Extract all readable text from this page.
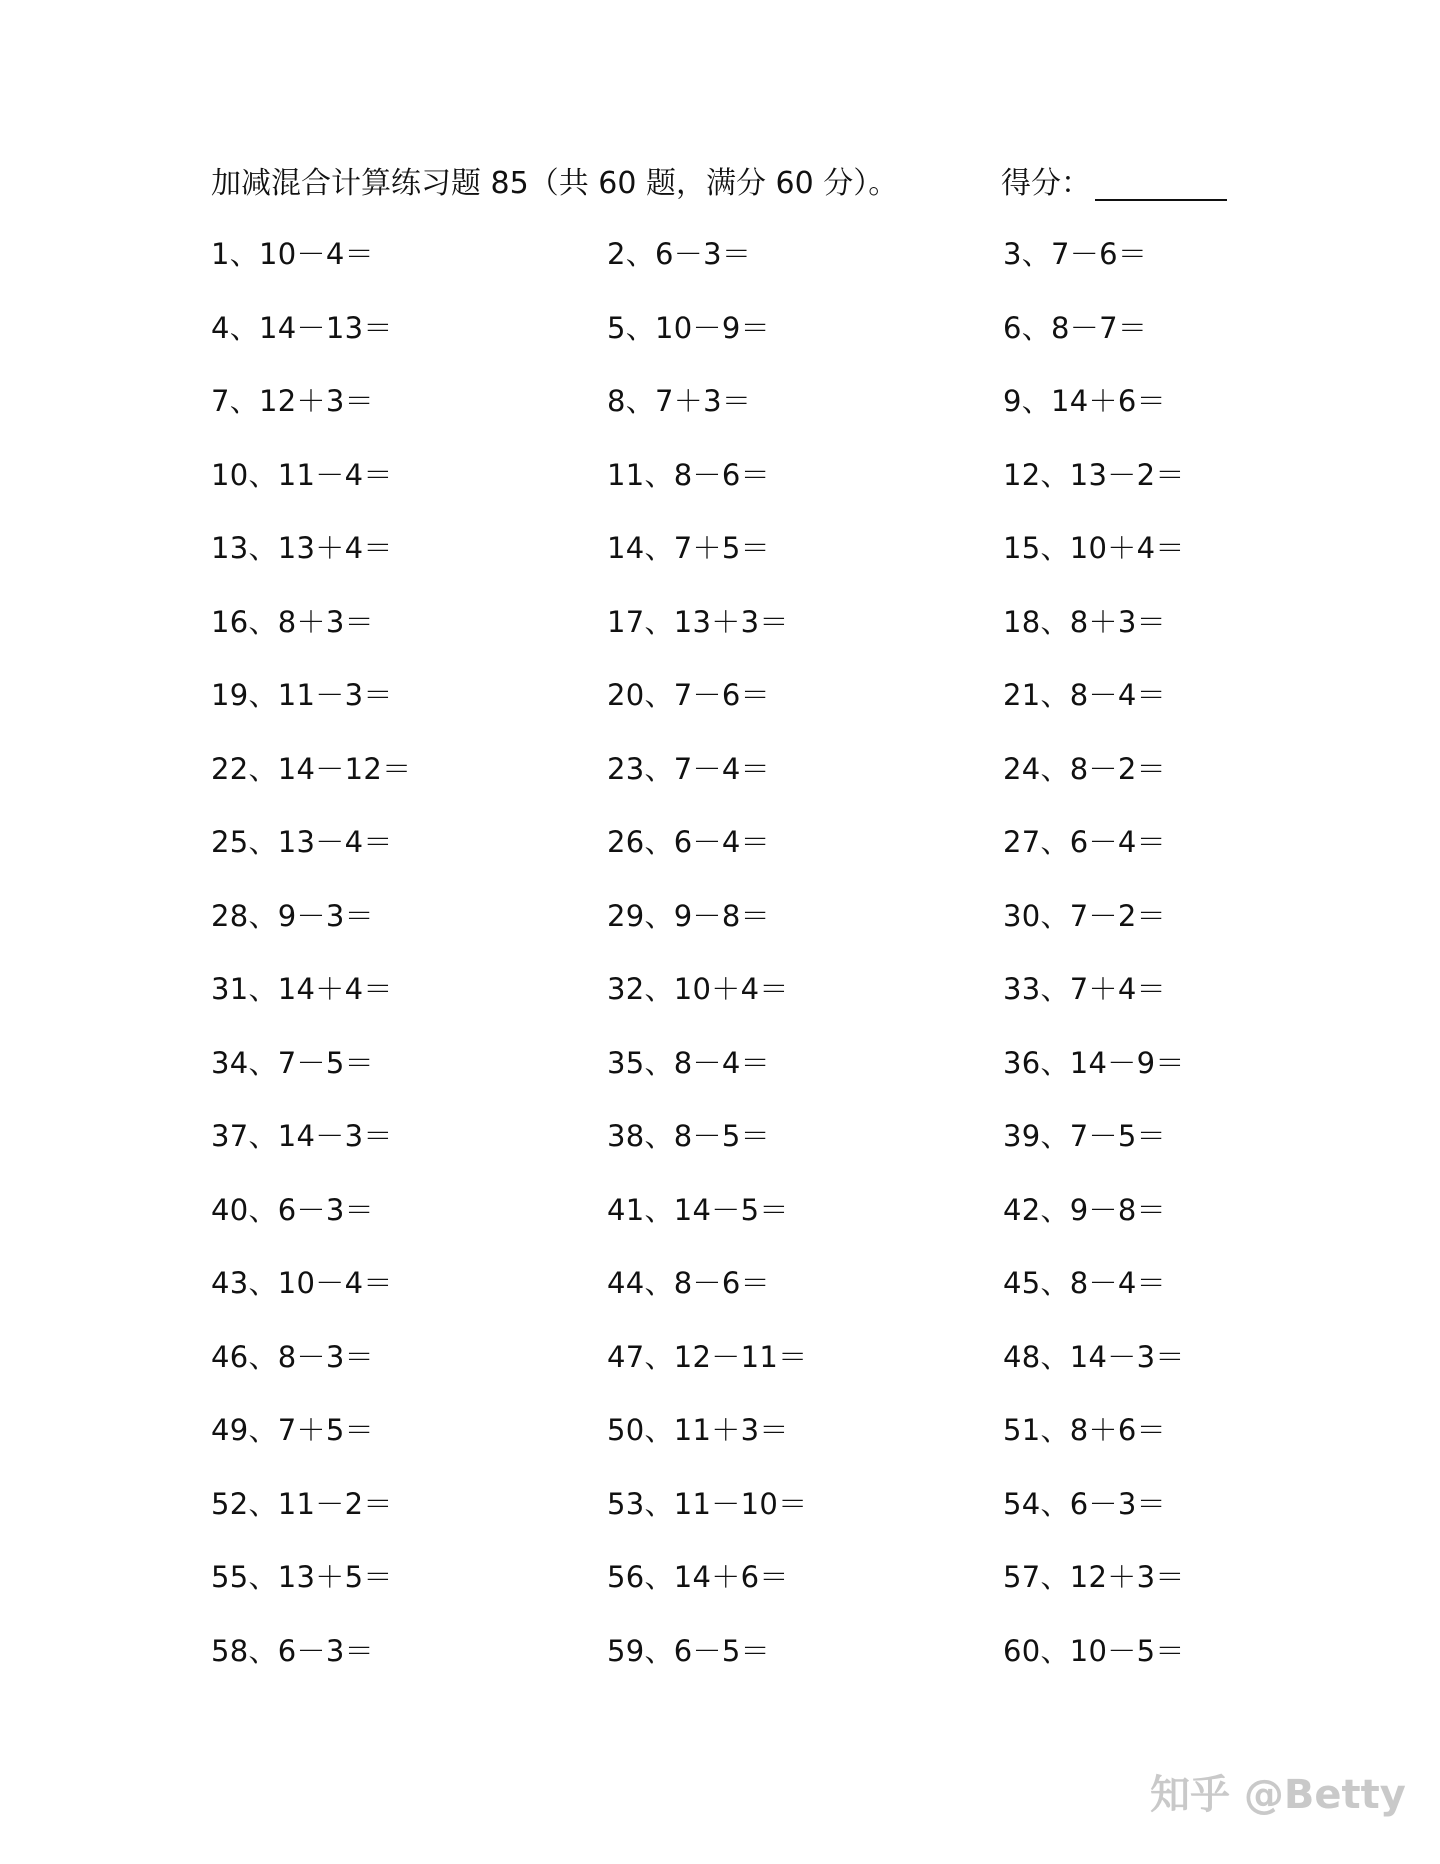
加减混合计算练习题 85（共 60 题，满分 60 分）。	得分：
1、10－4＝	2、6－3＝	3、7－6＝
4、14－13＝	5、10－9＝	6、8－7＝
7、12＋3＝	8、7＋3＝	9、14＋6＝
10、11－4＝	11、8－6＝	12、13－2＝
13、13＋4＝	14、7＋5＝	15、10＋4＝
16、8＋3＝	17、13＋3＝	18、8＋3＝
19、11－3＝	20、7－6＝	21、8－4＝
22、14－12＝	23、7－4＝	24、8－2＝
25、13－4＝	26、6－4＝	27、6－4＝
28、9－3＝	29、9－8＝	30、7－2＝
31、14＋4＝	32、10＋4＝	33、7＋4＝
34、7－5＝	35、8－4＝	36、14－9＝
37、14－3＝	38、8－5＝	39、7－5＝
40、6－3＝	41、14－5＝	42、9－8＝
43、10－4＝	44、8－6＝	45、8－4＝
46、8－3＝	47、12－11＝	48、14－3＝
49、7＋5＝	50、11＋3＝	51、8＋6＝
52、11－2＝	53、11－10＝	54、6－3＝
55、13＋5＝	56、14＋6＝	57、12＋3＝
58、6－3＝	59、6－5＝	60、10－5＝
知乎 @Betty
